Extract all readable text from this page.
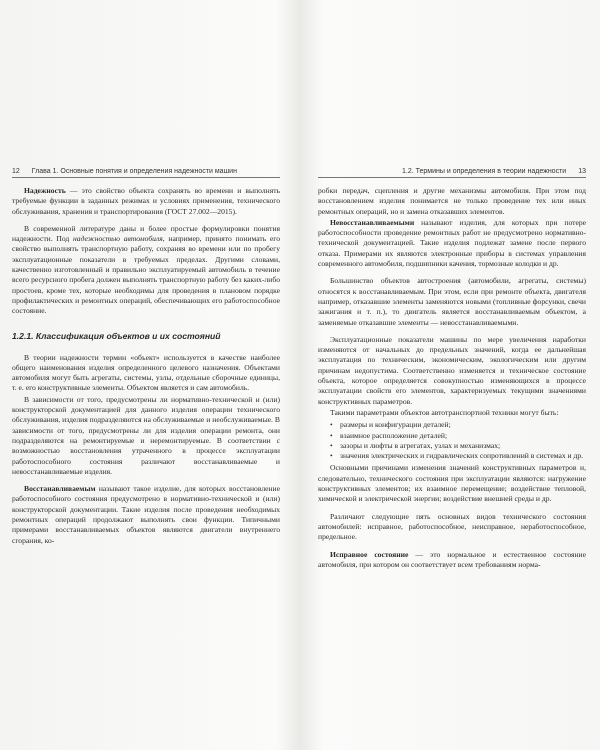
12 Глава 1. Основные понятия и определения надежности машин

Надежность — это свойство объекта сохранять во времени и выполнять требуемые функции в заданных режимах и условиях применения, технического обслуживания, хранения и транспортирования (ГОСТ 27.002—2015).

В современной литературе даны и более простые формулировки понятия надежности. Под надежностью автомобиля, например, принято понимать его свойство выполнять транспортную работу, сохраняя во времени или по пробегу эксплуатационные показатели в требуемых пределах. Другими словами, качественно изготовленный и правильно эксплуатируемый автомобиль в течение всего ресурсного пробега должен выполнять транспортную работу без каких-либо простоев, кроме тех, которые необходимы для проведения в плановом порядке профилактических и ремонтных операций, обеспечивающих его работоспособное состояние.

1.2.1. Классификация объектов и их состояний

В теории надежности термин «объект» используется в качестве наиболее общего наименования изделия определенного целевого назначения. Объектами автомобиля могут быть агрегаты, системы, узлы, отдельные сборочные единицы, т. е. его конструктивные элементы. Объектом является и сам автомобиль.

В зависимости от того, предусмотрены ли нормативно-технической и (или) конструкторской документацией для данного изделия операции технического обслуживания, изделия подразделяются на обслуживаемые и необслуживаемые. В зависимости от того, предусмотрены ли для изделия операции ремонта, они подразделяются на ремонтируемые и неремонтируемые. В соответствии с возможностью восстановления утраченного в процессе эксплуатации работоспособного состояния различают восстанавливаемые и невосстанавливаемые изделия.

Восстанавливаемым называют такое изделие, для которых восстановление работоспособного состояния предусмотрено в нормативно-технической и (или) конструкторской документации. Такие изделия после проведения необходимых ремонтных операций продолжают выполнять свои функции. Типичными примерами восстанавливаемых объектов являются двигатели внутреннего сгорания, ко-

1.2. Термины и определения в теории надежности 13

робки передач, сцепления и другие механизмы автомобиля. При этом под восстановлением изделия понимается не только проведение тех или иных ремонтных операций, но и замена отказавших элементов.

Невосстанавливаемыми называют изделия, для которых при потере работоспособности проведение ремонтных работ не предусмотрено нормативно-технической документацией. Такие изделия подлежат замене после первого отказа. Примерами их являются электронные приборы в системах управления современного автомобиля, подшипники качения, тормозные колодки и др.

Большинство объектов автостроения (автомобили, агрегаты, системы) относятся к восстанавливаемым. При этом, если при ремонте объекта, двигателя например, отказавшие элементы заменяются новыми (топливные форсунки, свечи зажигания и т. п.), то двигатель является восстанавливаемым объектом, а заменяемые отказавшие элементы — невосстанавливаемыми.

Эксплуатационные показатели машины по мере увеличения наработки изменяются от начальных до предельных значений, когда ее дальнейшая эксплуатация по техническим, экономическим, экологическим или другим причинам недопустима. Соответственно изменяется и техническое состояние объекта, которое определяется совокупностью изменяющихся в процессе эксплуатации свойств его элементов, характеризуемых текущими значениями конструктивных параметров.

Такими параметрами объектов автотранспортной техники могут быть:

• размеры и конфигурации деталей;
• взаимное расположение деталей;
• зазоры и люфты в агрегатах, узлах и механизмах;
• значения электрических и гидравлических сопротивлений в системах и др.

Основными причинами изменения значений конструктивных параметров и, следовательно, технического состояния при эксплуатации являются: нагружение конструктивных элементов; их взаимное перемещение; воздействие тепловой, химической и электрической энергии; воздействие внешней среды и др.

Различают следующие пять основных видов технического состояния автомобилей: исправное, работоспособное, неисправное, неработоспособное, предельное.

Исправное состояние — это нормальное и естественное состояние автомобиля, при котором он соответствует всем требованиям норма-
